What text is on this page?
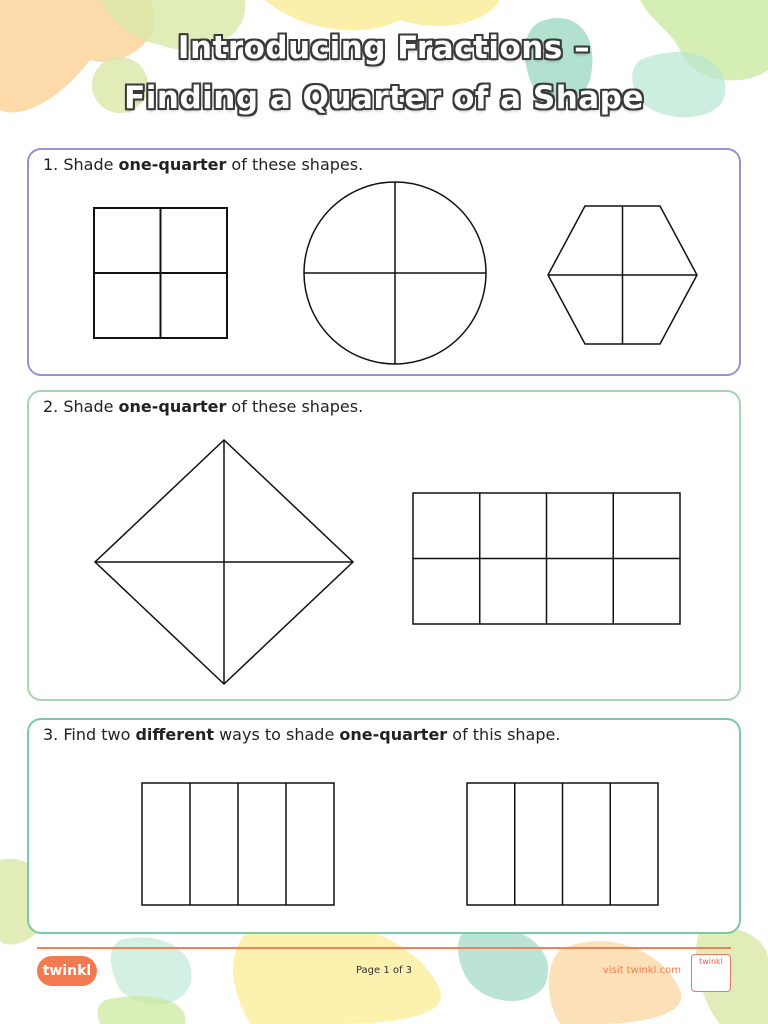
Introducing Fractions –
Finding a Quarter of a Shape
1. Shade one-quarter of these shapes.
2. Shade one-quarter of these shapes.
3. Find two different ways to shade one-quarter of this shape.
twinkl	Page 1 of 3	visit twinkl.com
twinkl
